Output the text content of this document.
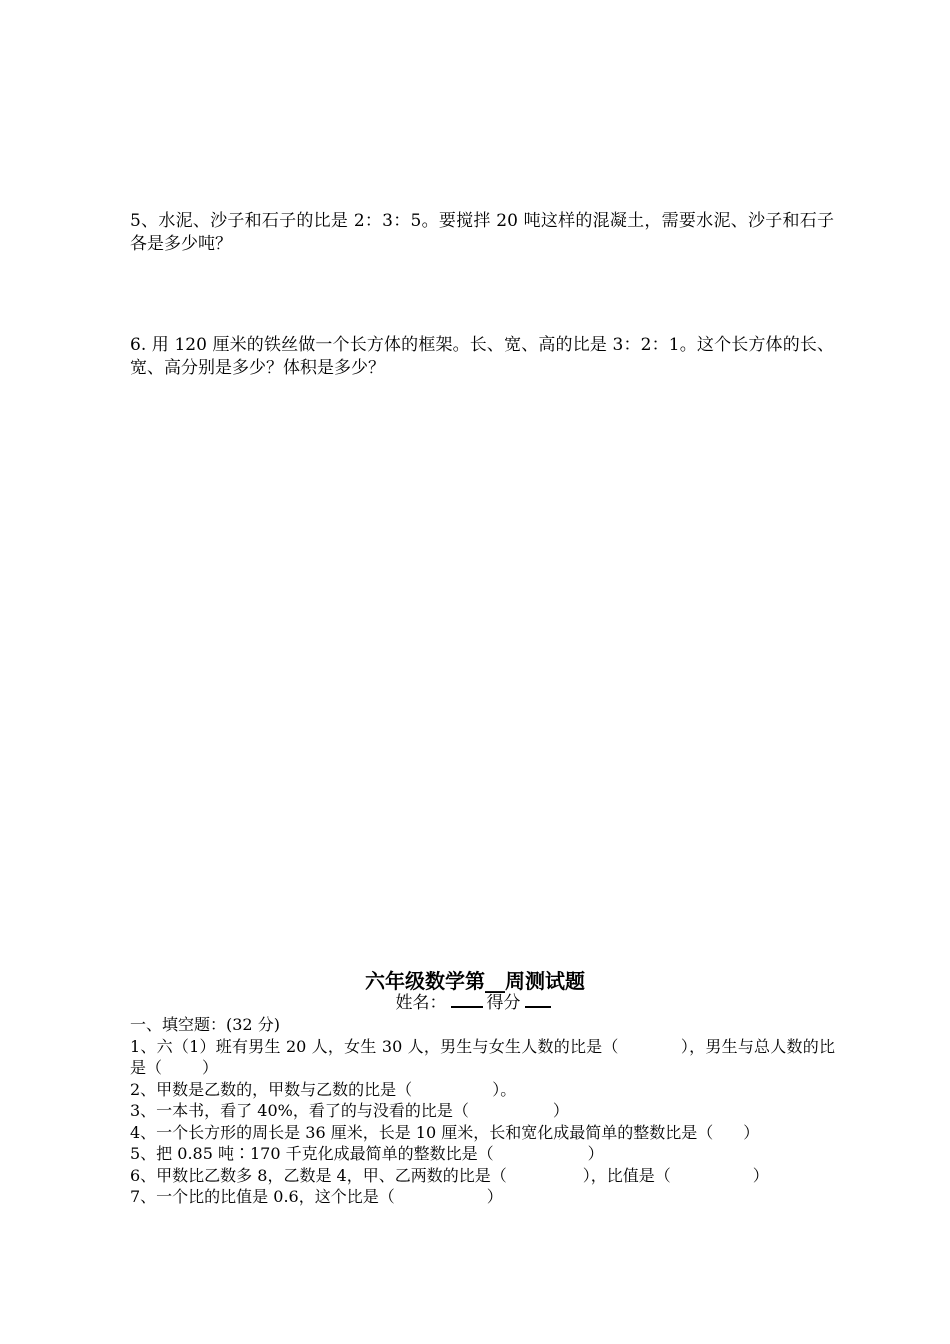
5、水泥、沙子和石子的比是 2：3：5。要搅拌 20 吨这样的混凝土，需要水泥、沙子和石子各是多少吨？
6. 用 120 厘米的铁丝做一个长方体的框架。长、宽、高的比是 3：2：1。这个长方体的长、宽、高分别是多少？体积是多少？
六年级数学第__周测试题
姓名： 得分
一、填空题：(32 分)
1、六（1）班有男生 20 人，女生 30 人，男生与女生人数的比是（	），男生与总人数的比是（	）
2、甲数是乙数的，甲数与乙数的比是（	）。
3、一本书，看了 40%，看了的与没看的比是（	）
4、一个长方形的周长是 36 厘米，长是 10 厘米，长和宽化成最简单的整数比是（ ）
5、把 0.85 吨∶170 千克化成最简单的整数比是（	）
6、甲数比乙数多 8，乙数是 4，甲、乙两数的比是（	），比值是（	）
7、一个比的比值是 0.6，这个比是（	）
